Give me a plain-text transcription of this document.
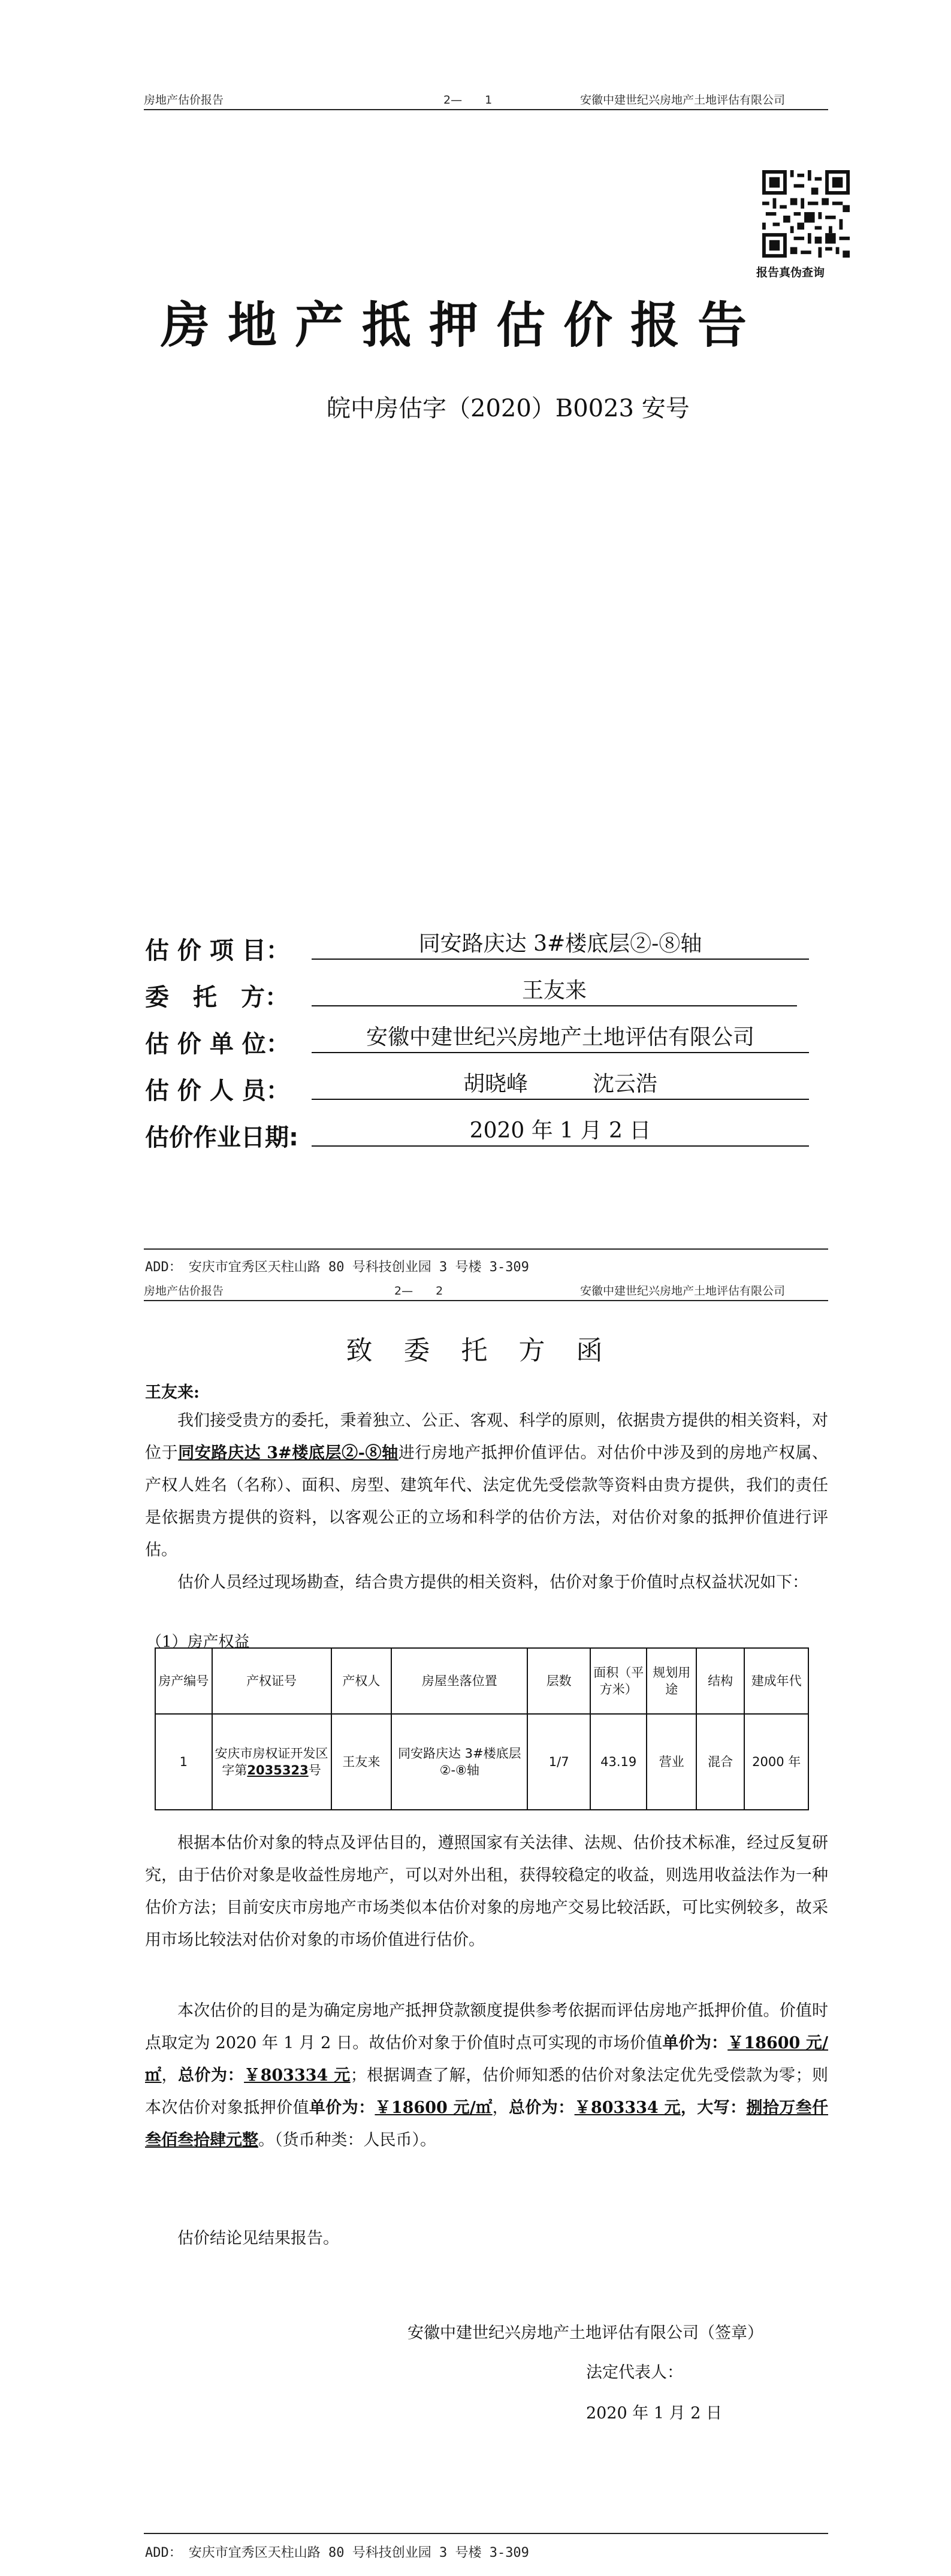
房地产估价报告	2—　　1	安徽中建世纪兴房地产土地评估有限公司
报告真伪查询
房地产抵押估价报告
皖中房估字（2020）B0023 安号
估 价 项 目：	同安路庆达 3#楼底层②-⑧轴
委　托　方：	王友来
估 价 单 位：	安徽中建世纪兴房地产土地评估有限公司
估 价 人 员：	胡晓峰　　　沈云浩
估价作业日期:	2020 年 1 月 2 日
ADD：　安庆市宜秀区天柱山路 80 号科技创业园 3 号楼 3-309
房地产估价报告	2—　　2	安徽中建世纪兴房地产土地评估有限公司
致　委　托　方　函
王友来:
我们接受贵方的委托，秉着独立、公正、客观、科学的原则，依据贵方提供的相关资料，对位于同安路庆达 3#楼底层②-⑧轴进行房地产抵押价值评估。对估价中涉及到的房地产权属、产权人姓名（名称）、面积、房型、建筑年代、法定优先受偿款等资料由贵方提供，我们的责任是依据贵方提供的资料，以客观公正的立场和科学的估价方法，对估价对象的抵押价值进行评估。
估价人员经过现场勘查，结合贵方提供的相关资料，估价对象于价值时点权益状况如下：
（1）房产权益
房产编号	产权证号	产权人	房屋坐落位置	层数	面积（平方米）	规划用途	结构	建成年代
1	安庆市房权证开发区字第2035323号	王友来	同安路庆达 3#楼底层②-⑧轴	1/7	43.19	营业	混合	2000 年
根据本估价对象的特点及评估目的，遵照国家有关法律、法规、估价技术标准，经过反复研究，由于估价对象是收益性房地产，可以对外出租，获得较稳定的收益，则选用收益法作为一种估价方法；目前安庆市房地产市场类似本估价对象的房地产交易比较活跃，可比实例较多，故采用市场比较法对估价对象的市场价值进行估价。
本次估价的目的是为确定房地产抵押贷款额度提供参考依据而评估房地产抵押价值。价值时点取定为 2020 年 1 月 2 日。故估价对象于价值时点可实现的市场价值单价为：￥18600 元/㎡，总价为：￥803334 元；根据调查了解，估价师知悉的估价对象法定优先受偿款为零；则本次估价对象抵押价值单价为：￥18600 元/㎡，总价为：￥803334 元，大写：捌拾万叁仟叁佰叁拾肆元整。（货币种类：人民币）。
估价结论见结果报告。
安徽中建世纪兴房地产土地评估有限公司（签章）
法定代表人：
2020 年 1 月 2 日
ADD：　安庆市宜秀区天柱山路 80 号科技创业园 3 号楼 3-309
